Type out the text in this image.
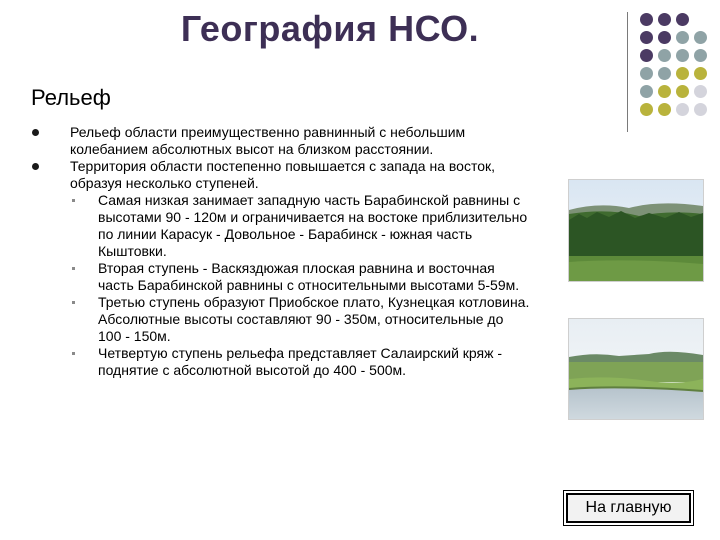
География НСО.
Рельеф
Рельеф области преимущественно равнинный с небольшим колебанием абсолютных высот на близком расстоянии.
Территория области постепенно повышается с запада на восток, образуя несколько ступеней.
Самая низкая занимает западную часть Барабинской равнины с высотами 90 - 120м и ограничивается на востоке приблизительно по линии Карасук - Довольное - Барабинск - южная часть Кыштовки.
Вторая ступень - Васкяздюжая плоская равнина и восточная часть Барабинской равнины с относительными высотами 5-59м.
Третью ступень образуют Приобское плато, Кузнецкая котловина. Абсолютные высоты составляют 90 - 350м, относительные до 100 - 150м.
Четвертую ступень рельефа представляет Салаирский кряж - поднятие с абсолютной высотой до 400 - 500м.
На главную
